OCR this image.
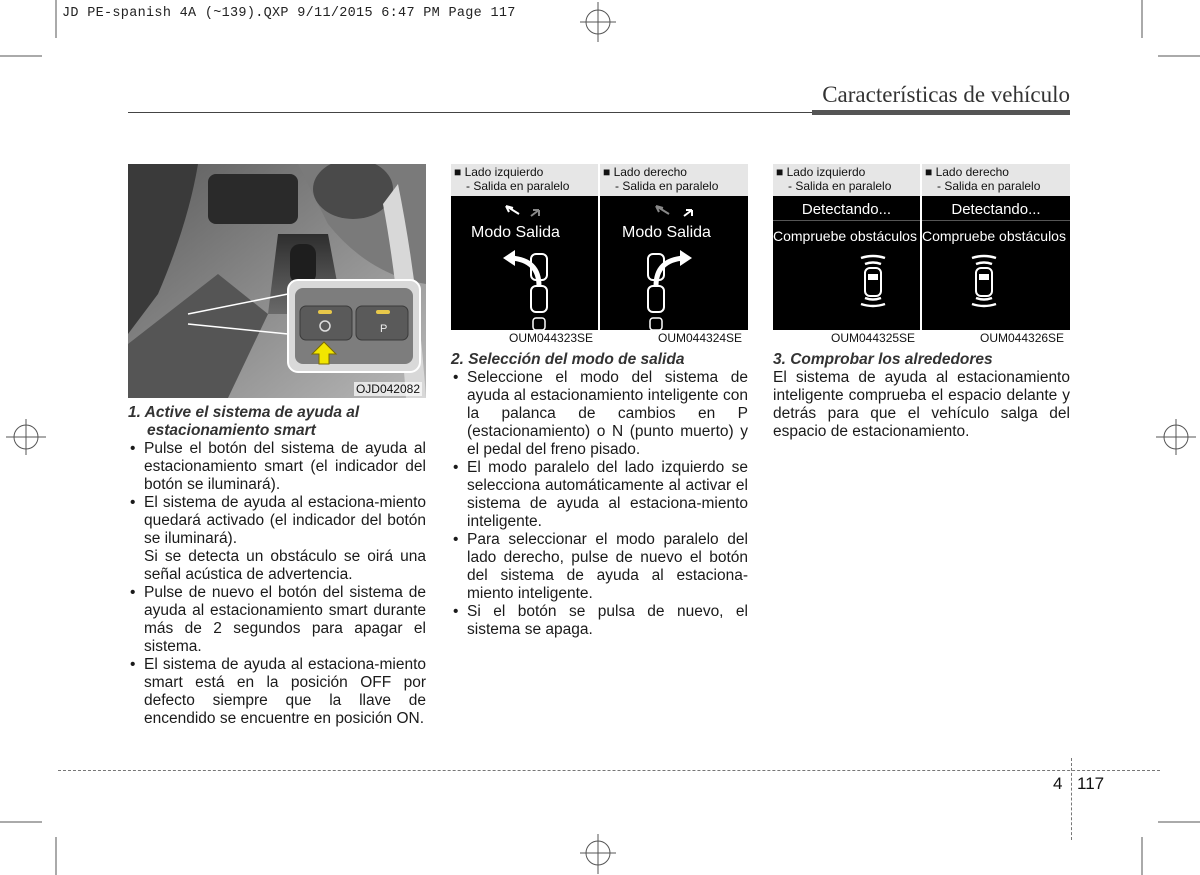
JD PE-spanish 4A (~139).QXP 9/11/2015 6:47 PM Page 117
Características de vehículo
P
OJD042082
1. Active el sistema de ayuda al
estacionamiento smart

• Pulse el botón del sistema de ayuda al estacionamiento smart (el indicador del botón se iluminará).

• El sistema de ayuda al estaciona-miento quedará activado (el indicador del botón se iluminará).

Si se detecta un obstáculo se oirá una señal acústica de advertencia.

• Pulse de nuevo el botón del sistema de ayuda al estacionamiento smart durante más de 2 segundos para apagar el sistema.

• El sistema de ayuda al estaciona-miento smart está en la posición OFF por defecto siempre que la llave de encendido se encuentre en posición ON.

■ Lado izquierdo
- Salida en paralelo
■ Lado derecho
- Salida en paralelo
Modo Salida	Modo Salida
OUM044323SE	OUM044324SE
2. Selección del modo de salida

• Seleccione el modo del sistema de ayuda al estacionamiento inteligente con la palanca de cambios en P (estacionamiento) o N (punto muerto) y el pedal del freno pisado.

• El modo paralelo del lado izquierdo se selecciona automáticamente al activar el sistema de ayuda al estaciona-miento inteligente.

• Para seleccionar el modo paralelo del lado derecho, pulse de nuevo el botón del sistema de ayuda al estaciona-miento inteligente.

• Si el botón se pulsa de nuevo, el sistema se apaga.

■ Lado izquierdo
- Salida en paralelo
■ Lado derecho
- Salida en paralelo
Detectando...
Compruebe obstáculos
Detectando...
Compruebe obstáculos
OUM044325SE	OUM044326SE
3. Comprobar los alrededores

El sistema de ayuda al estacionamiento inteligente comprueba el espacio delante y detrás para que el vehículo salga del espacio de estacionamiento.

4 117
